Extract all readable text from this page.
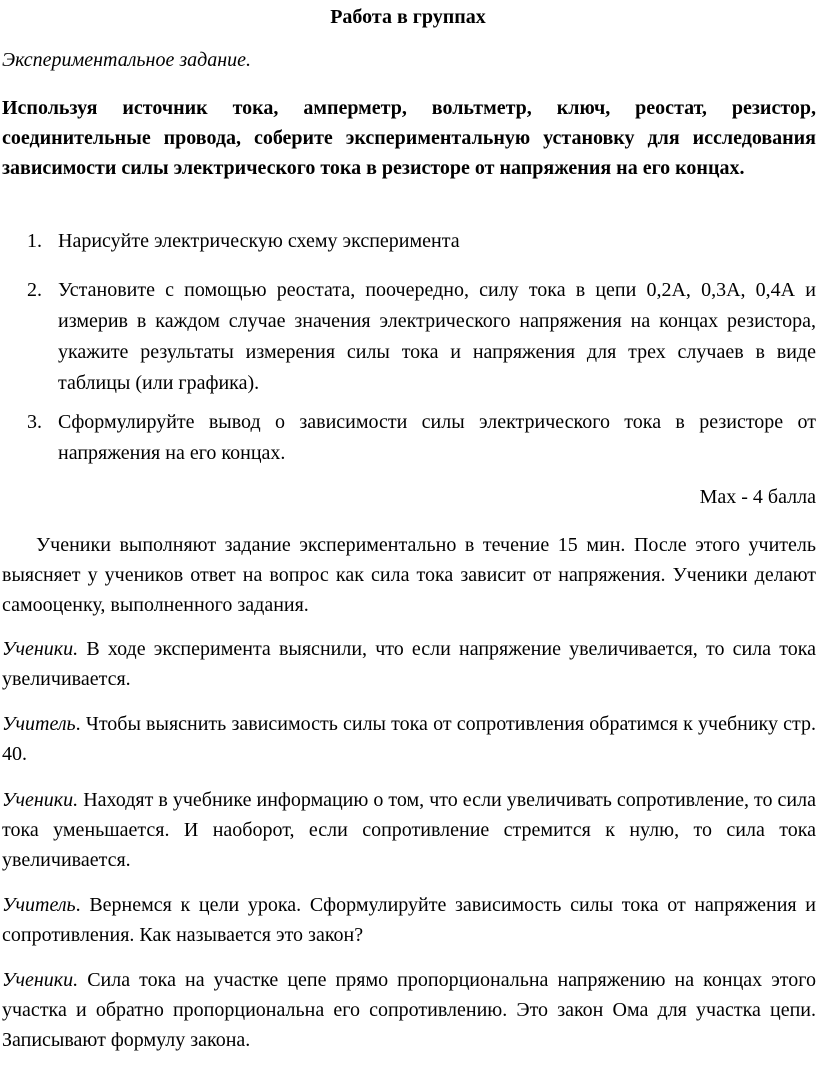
Работа в группах
Экспериментальное задание.
Используя источник тока, амперметр, вольтметр, ключ, реостат, резистор, соединительные провода, соберите экспериментальную установку для исследования зависимости силы электрического тока в резисторе от напряжения на его концах.
1. Нарисуйте электрическую схему эксперимента
2. Установите с помощью реостата, поочередно, силу тока в цепи 0,2А, 0,3А, 0,4А и измерив в каждом случае значения электрического напряжения на концах резистора, укажите результаты измерения силы тока и напряжения для трех случаев в виде таблицы (или графика).
3. Сформулируйте вывод о зависимости силы электрического тока в резисторе от напряжения на его концах.
Max - 4 балла
Ученики выполняют задание экспериментально в течение 15 мин. После этого учитель выясняет у учеников ответ на вопрос как сила тока зависит от напряжения. Ученики делают самооценку, выполненного задания.
Ученики. В ходе эксперимента выяснили, что если напряжение увеличивается, то сила тока увеличивается.
Учитель. Чтобы выяснить зависимость силы тока от сопротивления обратимся к учебнику стр. 40.
Ученики. Находят в учебнике информацию о том, что если увеличивать сопротивление, то сила тока уменьшается. И наоборот, если сопротивление стремится к нулю, то сила тока увеличивается.
Учитель. Вернемся к цели урока. Сформулируйте зависимость силы тока от напряжения и сопротивления. Как называется это закон?
Ученики. Сила тока на участке цепе прямо пропорциональна напряжению на концах этого участка и обратно пропорциональна его сопротивлению. Это закон Ома для участка цепи. Записывают формулу закона.
